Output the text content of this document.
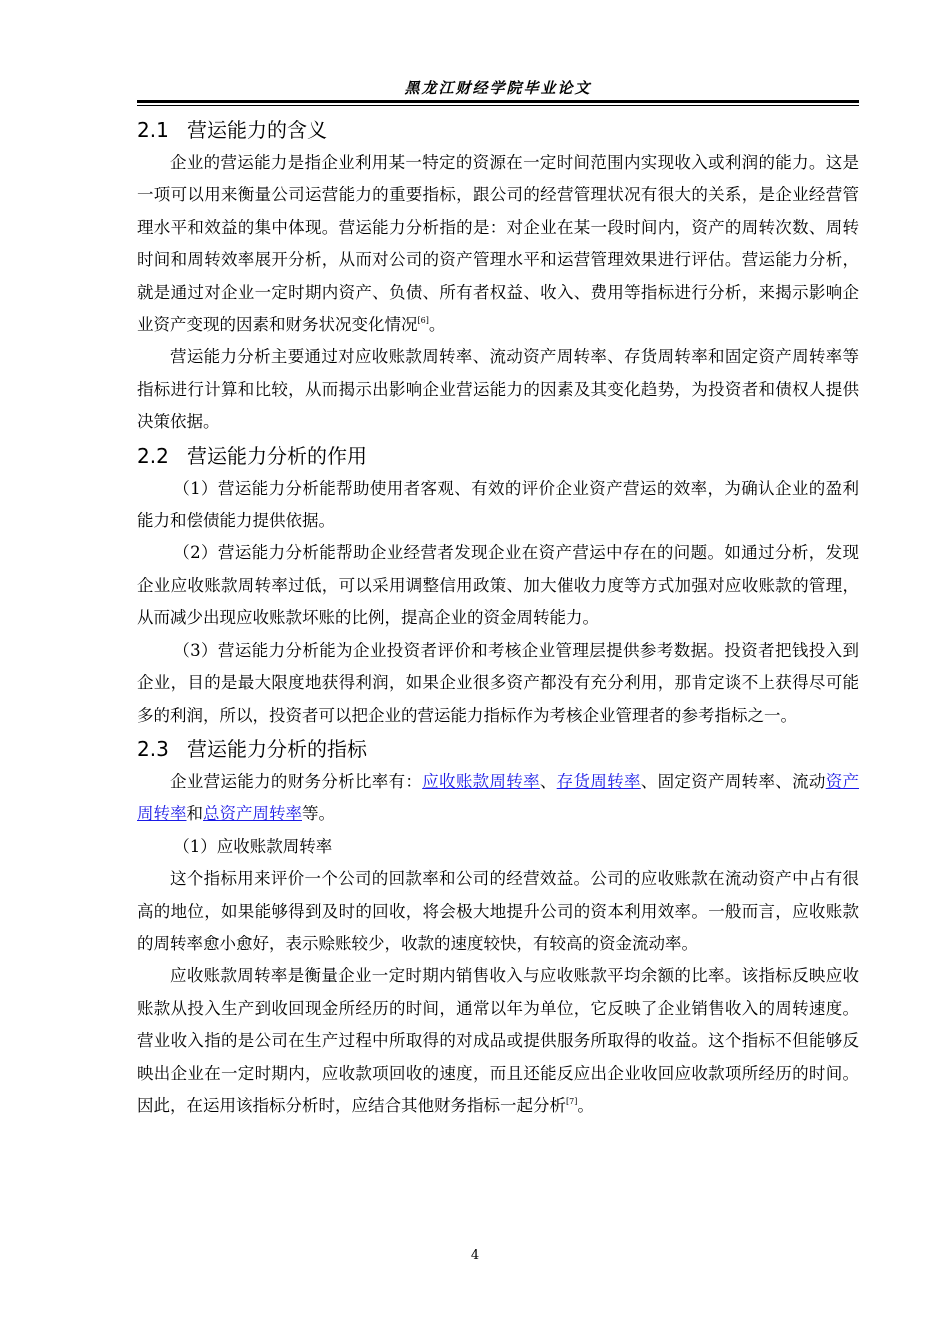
黑龙江财经学院毕业论文
2.1 营运能力的含义

企业的营运能力是指企业利用某一特定的资源在一定时间范围内实现收入或利润的能力。这是一项可以用来衡量公司运营能力的重要指标，跟公司的经营管理状况有很大的关系，是企业经营管理水平和效益的集中体现。营运能力分析指的是：对企业在某一段时间内，资产的周转次数、周转时间和周转效率展开分析，从而对公司的资产管理水平和运营管理效果进行评估。营运能力分析，就是通过对企业一定时期内资产、负债、所有者权益、收入、费用等指标进行分析，来揭示影响企业资产变现的因素和财务状况变化情况[6]。

营运能力分析主要通过对应收账款周转率、流动资产周转率、存货周转率和固定资产周转率等指标进行计算和比较，从而揭示出影响企业营运能力的因素及其变化趋势，为投资者和债权人提供决策依据。

2.2 营运能力分析的作用

（1）营运能力分析能帮助使用者客观、有效的评价企业资产营运的效率，为确认企业的盈利能力和偿债能力提供依据。

（2）营运能力分析能帮助企业经营者发现企业在资产营运中存在的问题。如通过分析，发现企业应收账款周转率过低，可以采用调整信用政策、加大催收力度等方式加强对应收账款的管理，从而减少出现应收账款坏账的比例，提高企业的资金周转能力。

（3）营运能力分析能为企业投资者评价和考核企业管理层提供参考数据。投资者把钱投入到企业，目的是最大限度地获得利润，如果企业很多资产都没有充分利用，那肯定谈不上获得尽可能多的利润，所以，投资者可以把企业的营运能力指标作为考核企业管理者的参考指标之一。

2.3 营运能力分析的指标

企业营运能力的财务分析比率有：应收账款周转率、存货周转率、固定资产周转率、流动资产周转率和总资产周转率等。

（1）应收账款周转率

这个指标用来评价一个公司的回款率和公司的经营效益。公司的应收账款在流动资产中占有很高的地位，如果能够得到及时的回收，将会极大地提升公司的资本利用效率。一般而言，应收账款的周转率愈小愈好，表示赊账较少，收款的速度较快，有较高的资金流动率。

应收账款周转率是衡量企业一定时期内销售收入与应收账款平均余额的比率。该指标反映应收账款从投入生产到收回现金所经历的时间，通常以年为单位，它反映了企业销售收入的周转速度。营业收入指的是公司在生产过程中所取得的对成品或提供服务所取得的收益。这个指标不但能够反映出企业在一定时期内，应收款项回收的速度，而且还能反应出企业收回应收款项所经历的时间。因此，在运用该指标分析时，应结合其他财务指标一起分析[7]。

4
